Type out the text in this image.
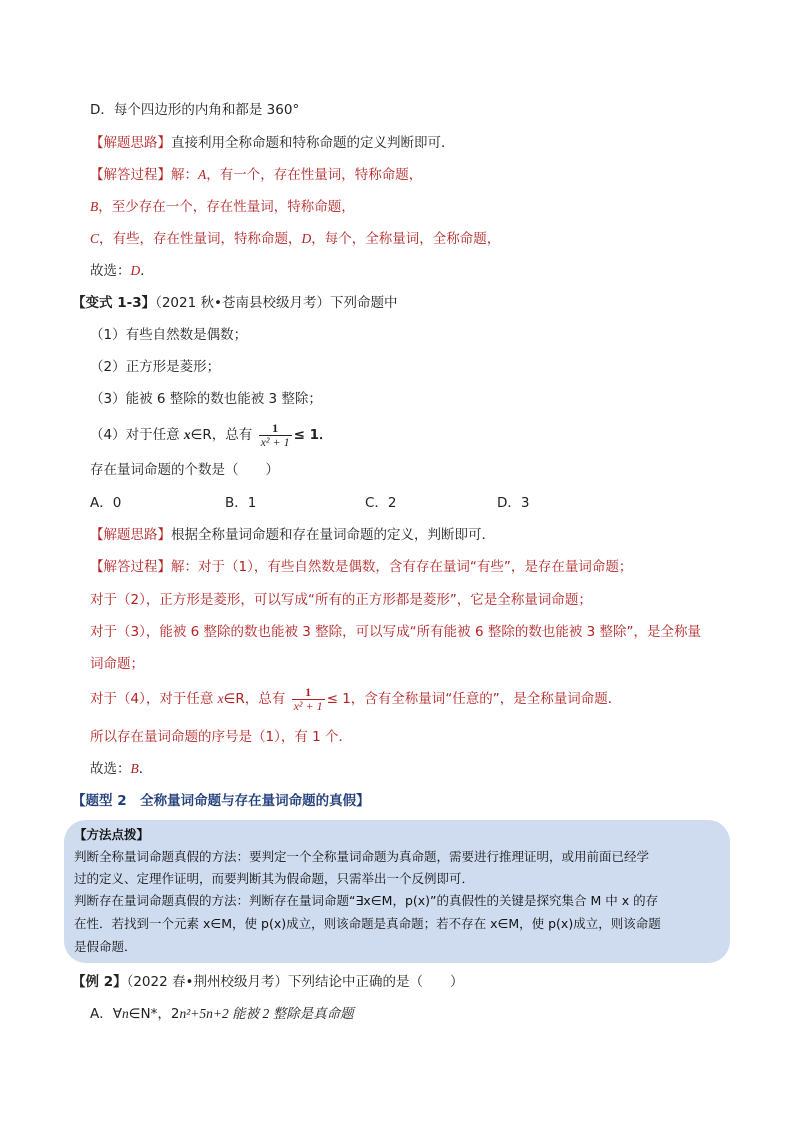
D．每个四边形的内角和都是 360°
【解题思路】直接利用全称命题和特称命题的定义判断即可．
【解答过程】解：A，有一个，存在性量词，特称命题，
B，至少存在一个，存在性量词，特称命题，
C，有些，存在性量词，特称命题，D，每个，全称量词，全称命题，
故选：D．
【变式 1-3】（2021 秋•苍南县校级月考）下列命题中
（1）有些自然数是偶数；
（2）正方形是菱形；
（3）能被 6 整除的数也能被 3 整除；
（4）对于任意 x∈R，总有 $\frac{1}{\text{x² + 1}} \le 1$．
存在量词命题的个数是（　　）
A．0	B．1	C．2	D．3
【解题思路】根据全称量词命题和存在量词命题的定义，判断即可．
【解答过程】解：对于（1），有些自然数是偶数，含有存在量词“有些”，是存在量词命题；
对于（2），正方形是菱形，可以写成“所有的正方形都是菱形”，它是全称量词命题；
对于（3），能被 6 整除的数也能被 3 整除，可以写成“所有能被 6 整除的数也能被 3 整除”，是全称量
词命题；
对于（4），对于任意 x∈R，总有 $\frac{1}{\text{x² + 1}} \le 1$，含有全称量词“任意的”，是全称量词命题．
所以存在量词命题的序号是（1），有 1 个．
故选：B．
【题型 2　全称量词命题与存在量词命题的真假】
【方法点拨】
判断全称量词命题真假的方法：要判定一个全称量词命题为真命题，需要进行推理证明，或用前面已经学
过的定义、定理作证明，而要判断其为假命题，只需举出一个反例即可．
判断存在量词命题真假的方法：判断存在量词命题“∃x∈M，p(x)”的真假性的关键是探究集合 M 中 x 的存
在性．若找到一个元素 x∈M，使 p(x)成立，则该命题是真命题；若不存在 x∈M，使 p(x)成立，则该命题
是假命题．
【例 2】（2022 春•荆州校级月考）下列结论中正确的是（　　）
A．∀n∈N*，2n²+5n+2 能被 2 整除是真命题
